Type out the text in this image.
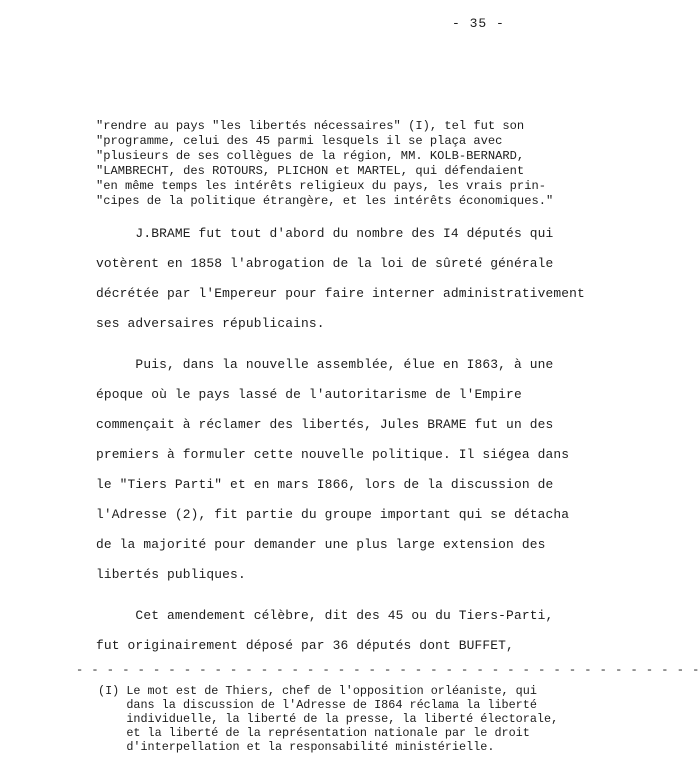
- 35 -
"rendre au pays "les libertés nécessaires" (I), tel fut son
"programme, celui des 45 parmi lesquels il se plaça avec
"plusieurs de ses collègues de la région, MM. KOLB-BERNARD,
"LAMBRECHT, des ROTOURS, PLICHON et MARTEL, qui défendaient
"en même temps les intérêts religieux du pays, les vrais prin-
"cipes de la politique étrangère, et les intérêts économiques."
J.BRAME fut tout d'abord du nombre des I4 députés qui
votèrent en 1858 l'abrogation de la loi de sûreté générale
décrétée par l'Empereur pour faire interner administrativement
ses adversaires républicains.
Puis, dans la nouvelle assemblée, élue en I863, à une
époque où le pays lassé de l'autoritarisme de l'Empire
commençait à réclamer des libertés, Jules BRAME fut un des
premiers à formuler cette nouvelle politique. Il siégea dans
le "Tiers Parti" et en mars I866, lors de la discussion de
l'Adresse (2), fit partie du groupe important qui se détacha
de la majorité pour demander une plus large extension des
libertés publiques.
Cet amendement célèbre, dit des 45 ou du Tiers-Parti,
fut originairement déposé par 36 députés dont BUFFET,
- - - - - - - - - - - - - - - - - - - - - - - - - - - - - - - - - - - - - - - - -
(I) Le mot est de Thiers, chef de l'opposition orléaniste, qui
dans la discussion de l'Adresse de I864 réclama la liberté
individuelle, la liberté de la presse, la liberté électorale,
et la liberté de la représentation nationale par le droit
d'interpellation et la responsabilité ministérielle.
